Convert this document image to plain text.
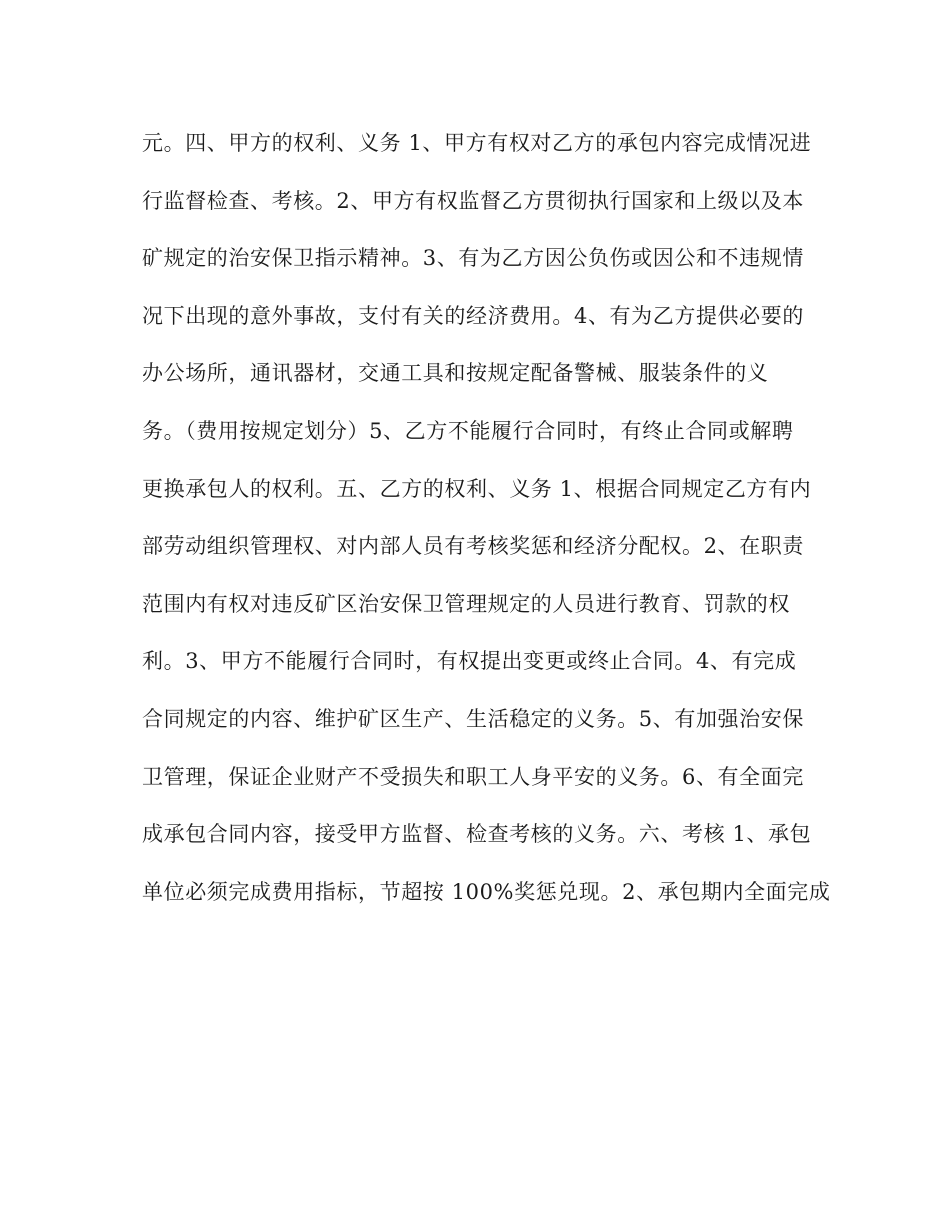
元。四、甲方的权利、义务 1、甲方有权对乙方的承包内容完成情况进
行监督检查、考核。2、甲方有权监督乙方贯彻执行国家和上级以及本
矿规定的治安保卫指示精神。3、有为乙方因公负伤或因公和不违规情
况下出现的意外事故，支付有关的经济费用。4、有为乙方提供必要的
办公场所，通讯器材，交通工具和按规定配备警械、服装条件的义
务。（费用按规定划分）5、乙方不能履行合同时，有终止合同或解聘
更换承包人的权利。五、乙方的权利、义务 1、根据合同规定乙方有内
部劳动组织管理权、对内部人员有考核奖惩和经济分配权。2、在职责
范围内有权对违反矿区治安保卫管理规定的人员进行教育、罚款的权
利。3、甲方不能履行合同时，有权提出变更或终止合同。4、有完成
合同规定的内容、维护矿区生产、生活稳定的义务。5、有加强治安保
卫管理，保证企业财产不受损失和职工人身平安的义务。6、有全面完
成承包合同内容，接受甲方监督、检查考核的义务。六、考核 1、承包
单位必须完成费用指标，节超按 100%奖惩兑现。2、承包期内全面完成
